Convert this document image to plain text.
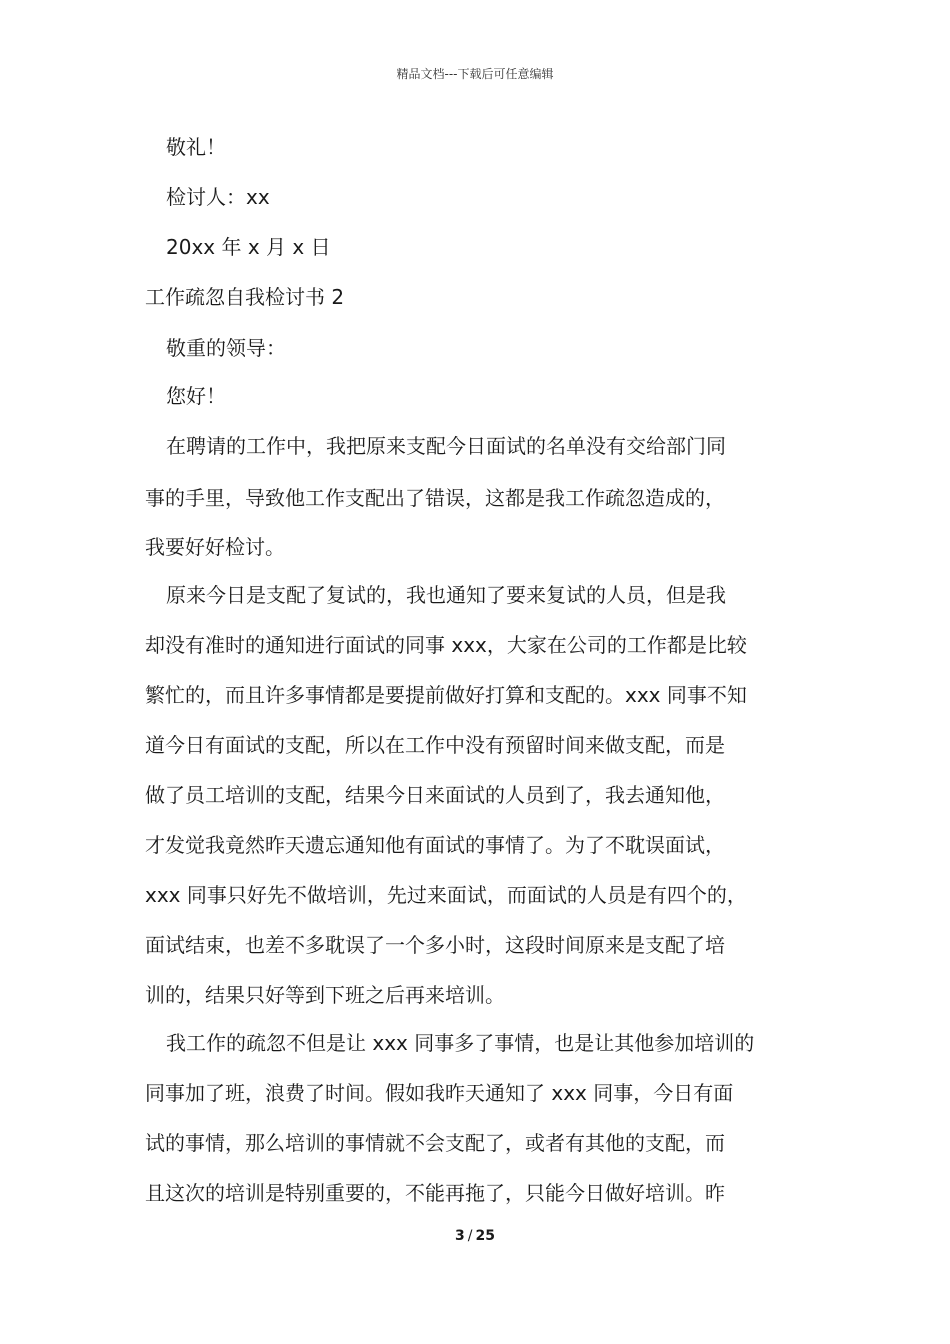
精品文档---下载后可任意编辑
敬礼！
检讨人：xx
20xx 年 x 月 x 日
工作疏忽自我检讨书 2
敬重的领导：
您好！
在聘请的工作中，我把原来支配今日面试的名单没有交给部门同
事的手里，导致他工作支配出了错误，这都是我工作疏忽造成的，
我要好好检讨。
原来今日是支配了复试的，我也通知了要来复试的人员，但是我
却没有准时的通知进行面试的同事 xxx，大家在公司的工作都是比较
繁忙的，而且许多事情都是要提前做好打算和支配的。xxx 同事不知
道今日有面试的支配，所以在工作中没有预留时间来做支配，而是
做了员工培训的支配，结果今日来面试的人员到了，我去通知他，
才发觉我竟然昨天遗忘通知他有面试的事情了。为了不耽误面试，
xxx 同事只好先不做培训，先过来面试，而面试的人员是有四个的，
面试结束，也差不多耽误了一个多小时，这段时间原来是支配了培
训的，结果只好等到下班之后再来培训。
我工作的疏忽不但是让 xxx 同事多了事情，也是让其他参加培训的
同事加了班，浪费了时间。假如我昨天通知了 xxx 同事，今日有面
试的事情，那么培训的事情就不会支配了，或者有其他的支配，而
且这次的培训是特别重要的，不能再拖了，只能今日做好培训。昨
3 / 25
